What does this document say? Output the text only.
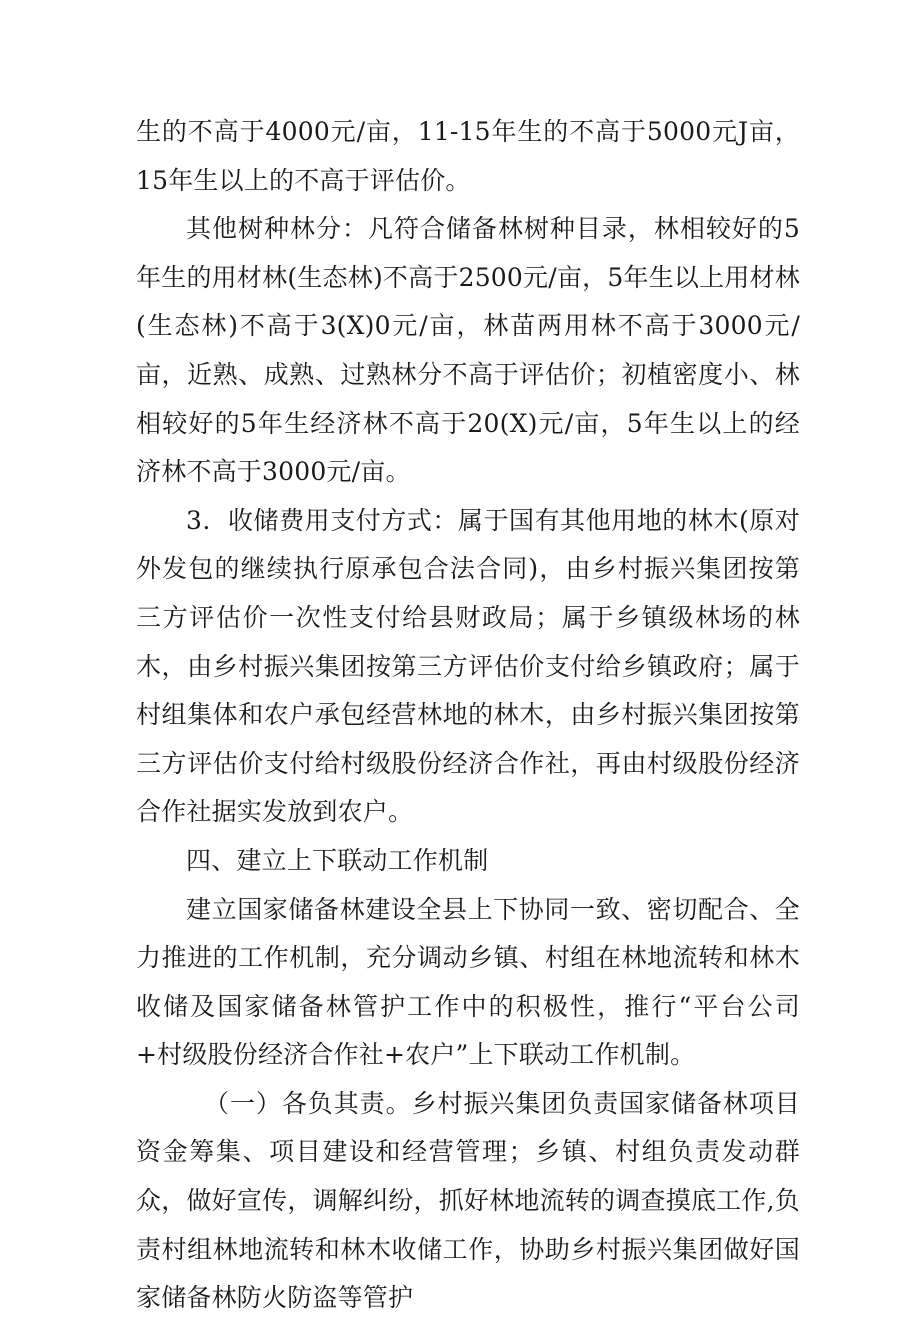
生的不高于4000元/亩，11-15年生的不高于5000元J亩，15年生以上的不高于评估价。

其他树种林分：凡符合储备林树种目录，林相较好的5年生的用材林(生态林)不高于2500元/亩，5年生以上用材林(生态林)不高于3(X)0元/亩，林苗两用林不高于3000元/亩，近熟、成熟、过熟林分不高于评估价；初植密度小、林相较好的5年生经济林不高于20(X)元/亩，5年生以上的经济林不高于3000元/亩。

3．收储费用支付方式：属于国有其他用地的林木(原对外发包的继续执行原承包合法合同)，由乡村振兴集团按第三方评估价一次性支付给县财政局；属于乡镇级林场的林木，由乡村振兴集团按第三方评估价支付给乡镇政府；属于村组集体和农户承包经营林地的林木，由乡村振兴集团按第三方评估价支付给村级股份经济合作社，再由村级股份经济合作社据实发放到农户。

四、建立上下联动工作机制

建立国家储备林建设全县上下协同一致、密切配合、全力推进的工作机制，充分调动乡镇、村组在林地流转和林木收储及国家储备林管护工作中的积极性，推行“平台公司+村级股份经济合作社+农户”上下联动工作机制。

（一）各负其责。乡村振兴集团负责国家储备林项目资金筹集、项目建设和经营管理；乡镇、村组负责发动群众，做好宣传，调解纠纷，抓好林地流转的调查摸底工作,负责村组林地流转和林木收储工作，协助乡村振兴集团做好国家储备林防火防盗等管护
